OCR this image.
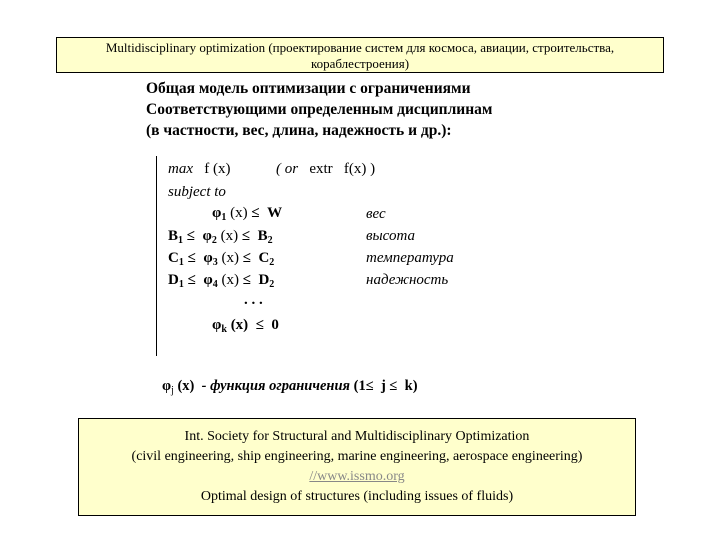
Multidisciplinary optimization (проектирование систем для космоса, авиации, строительства,
кораблестроения)
Общая модель оптимизации с ограничениями
Соответствующими определенным дисциплинам
(в частности, вес, длина, надежность и др.):
max f (x)	( or extr f(x) )
subject to
$\varphi_1$ (x) ≤ W	вес
$B_1 \le \varphi_2$ $(x) \le B_2$	высота
$C_1 \le \varphi_3$ $(x) \le C_2$	температура
$D_1 \le \varphi_4$ $(x) \le D_2$	надежность
. . .
$\varphi_k$ (x) ≤ 0
$\varphi_j$ (x) - функция ограничения (1≤ j ≤ k)
Int. Society for Structural and Multidisciplinary Optimization
(civil engineering, ship engineering, marine engineering, aerospace engineering)
//www.issmo.org
Optimal design of structures (including issues of fluids)
